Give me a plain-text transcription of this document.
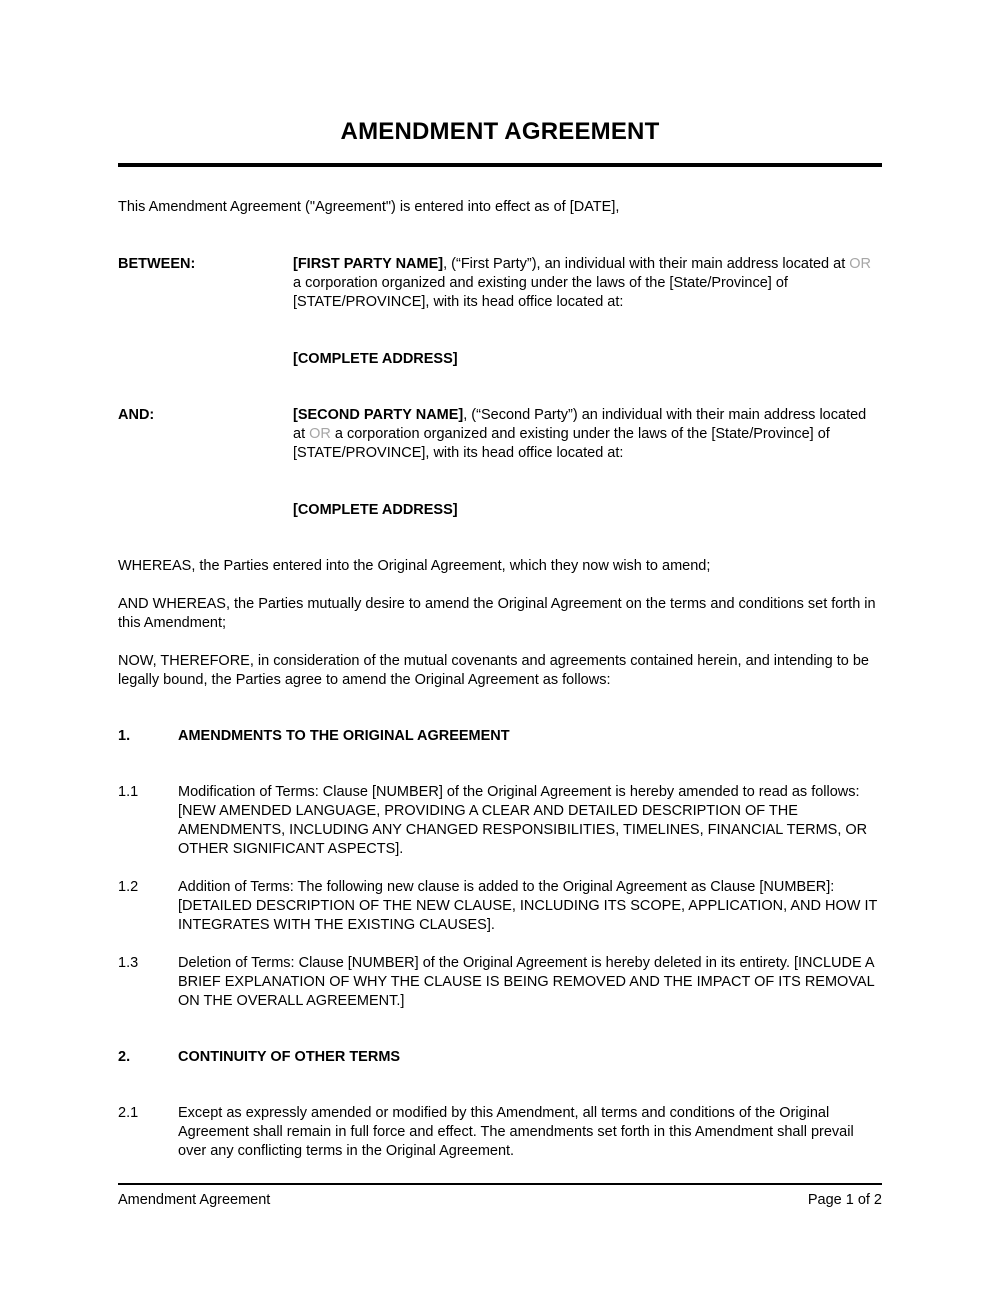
AMENDMENT AGREEMENT

This Amendment Agreement ("Agreement") is entered into effect as of [DATE],

BETWEEN:	[FIRST PARTY NAME], (“First Party”), an individual with their main address located at OR a corporation organized and existing under the laws of the [State/Province] of [STATE/PROVINCE], with its head office located at:
[COMPLETE ADDRESS]
AND:	[SECOND PARTY NAME], (“Second Party”) an individual with their main address located at OR a corporation organized and existing under the laws of the [State/Province] of [STATE/PROVINCE], with its head office located at:
[COMPLETE ADDRESS]

WHEREAS, the Parties entered into the Original Agreement, which they now wish to amend;

AND WHEREAS, the Parties mutually desire to amend the Original Agreement on the terms and conditions set forth in this Amendment;

NOW, THEREFORE, in consideration of the mutual covenants and agreements contained herein, and intending to be legally bound, the Parties agree to amend the Original Agreement as follows:

1.	AMENDMENTS TO THE ORIGINAL AGREEMENT
1.1	Modification of Terms: Clause [NUMBER] of the Original Agreement is hereby amended to read as follows: [NEW AMENDED LANGUAGE, PROVIDING A CLEAR AND DETAILED DESCRIPTION OF THE AMENDMENTS, INCLUDING ANY CHANGED RESPONSIBILITIES, TIMELINES, FINANCIAL TERMS, OR OTHER SIGNIFICANT ASPECTS].
1.2	Addition of Terms: The following new clause is added to the Original Agreement as Clause [NUMBER]: [DETAILED DESCRIPTION OF THE NEW CLAUSE, INCLUDING ITS SCOPE, APPLICATION, AND HOW IT INTEGRATES WITH THE EXISTING CLAUSES].
1.3	Deletion of Terms: Clause [NUMBER] of the Original Agreement is hereby deleted in its entirety. [INCLUDE A BRIEF EXPLANATION OF WHY THE CLAUSE IS BEING REMOVED AND THE IMPACT OF ITS REMOVAL ON THE OVERALL AGREEMENT.]
2.	CONTINUITY OF OTHER TERMS
2.1	Except as expressly amended or modified by this Amendment, all terms and conditions of the Original Agreement shall remain in full force and effect. The amendments set forth in this Amendment shall prevail over any conflicting terms in the Original Agreement.
Amendment Agreement	Page 1 of 2
